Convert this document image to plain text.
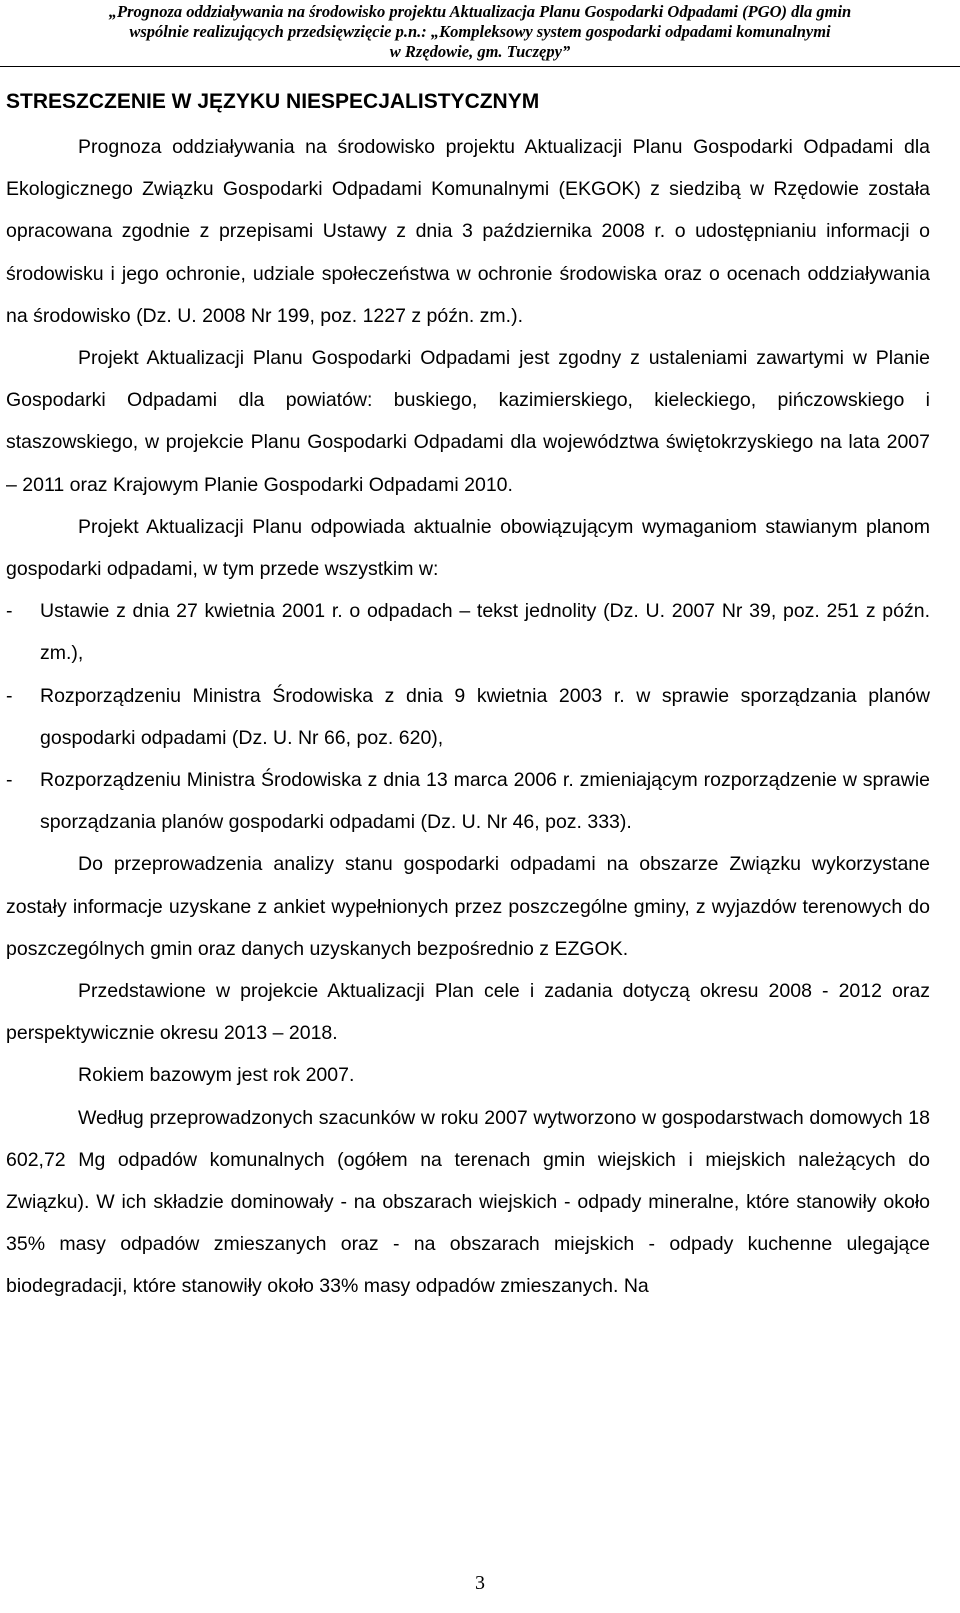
„Prognoza oddziaływania na środowisko projektu Aktualizacja Planu Gospodarki Odpadami (PGO) dla gmin
wspólnie realizujących przedsięwzięcie p.n.: „Kompleksowy system gospodarki odpadami komunalnymi
w Rzędowie, gm. Tuczępy”
STRESZCZENIE W JĘZYKU NIESPECJALISTYCZNYM

Prognoza oddziaływania na środowisko projektu Aktualizacji Planu Gospodarki Odpadami dla Ekologicznego Związku Gospodarki Odpadami Komunalnymi (EKGOK) z siedzibą w Rzędowie została opracowana zgodnie z przepisami Ustawy z dnia 3 października 2008 r. o udostępnianiu informacji o środowisku i jego ochronie, udziale społeczeństwa w ochronie środowiska oraz o ocenach oddziaływania na środowisko (Dz. U. 2008 Nr 199, poz. 1227 z późn. zm.).

Projekt Aktualizacji Planu Gospodarki Odpadami jest zgodny z ustaleniami zawartymi w Planie Gospodarki Odpadami dla powiatów: buskiego, kazimierskiego, kieleckiego, pińczowskiego i staszowskiego, w projekcie Planu Gospodarki Odpadami dla województwa świętokrzyskiego na lata 2007 – 2011 oraz Krajowym Planie Gospodarki Odpadami 2010.

Projekt Aktualizacji Planu odpowiada aktualnie obowiązującym wymaganiom stawianym planom gospodarki odpadami, w tym przede wszystkim w:

- Ustawie z dnia 27 kwietnia 2001 r. o odpadach – tekst jednolity (Dz. U. 2007 Nr 39, poz. 251 z późn. zm.),
- Rozporządzeniu Ministra Środowiska z dnia 9 kwietnia 2003 r. w sprawie sporządzania planów gospodarki odpadami (Dz. U. Nr 66, poz. 620),
- Rozporządzeniu Ministra Środowiska z dnia 13 marca 2006 r. zmieniającym rozporządzenie w sprawie sporządzania planów gospodarki odpadami (Dz. U. Nr 46, poz. 333).

Do przeprowadzenia analizy stanu gospodarki odpadami na obszarze Związku wykorzystane zostały informacje uzyskane z ankiet wypełnionych przez poszczególne gminy, z wyjazdów terenowych do poszczególnych gmin oraz danych uzyskanych bezpośrednio z EZGOK.

Przedstawione w projekcie Aktualizacji Plan cele i zadania dotyczą okresu 2008 - 2012 oraz perspektywicznie okresu 2013 – 2018.

Rokiem bazowym jest rok 2007.

Według przeprowadzonych szacunków w roku 2007 wytworzono w gospodarstwach domowych 18 602,72 Mg odpadów komunalnych (ogółem na terenach gmin wiejskich i miejskich należących do Związku). W ich składzie dominowały - na obszarach wiejskich - odpady mineralne, które stanowiły około 35% masy odpadów zmieszanych oraz - na obszarach miejskich - odpady kuchenne ulegające biodegradacji, które stanowiły około 33% masy odpadów zmieszanych. Na

3
